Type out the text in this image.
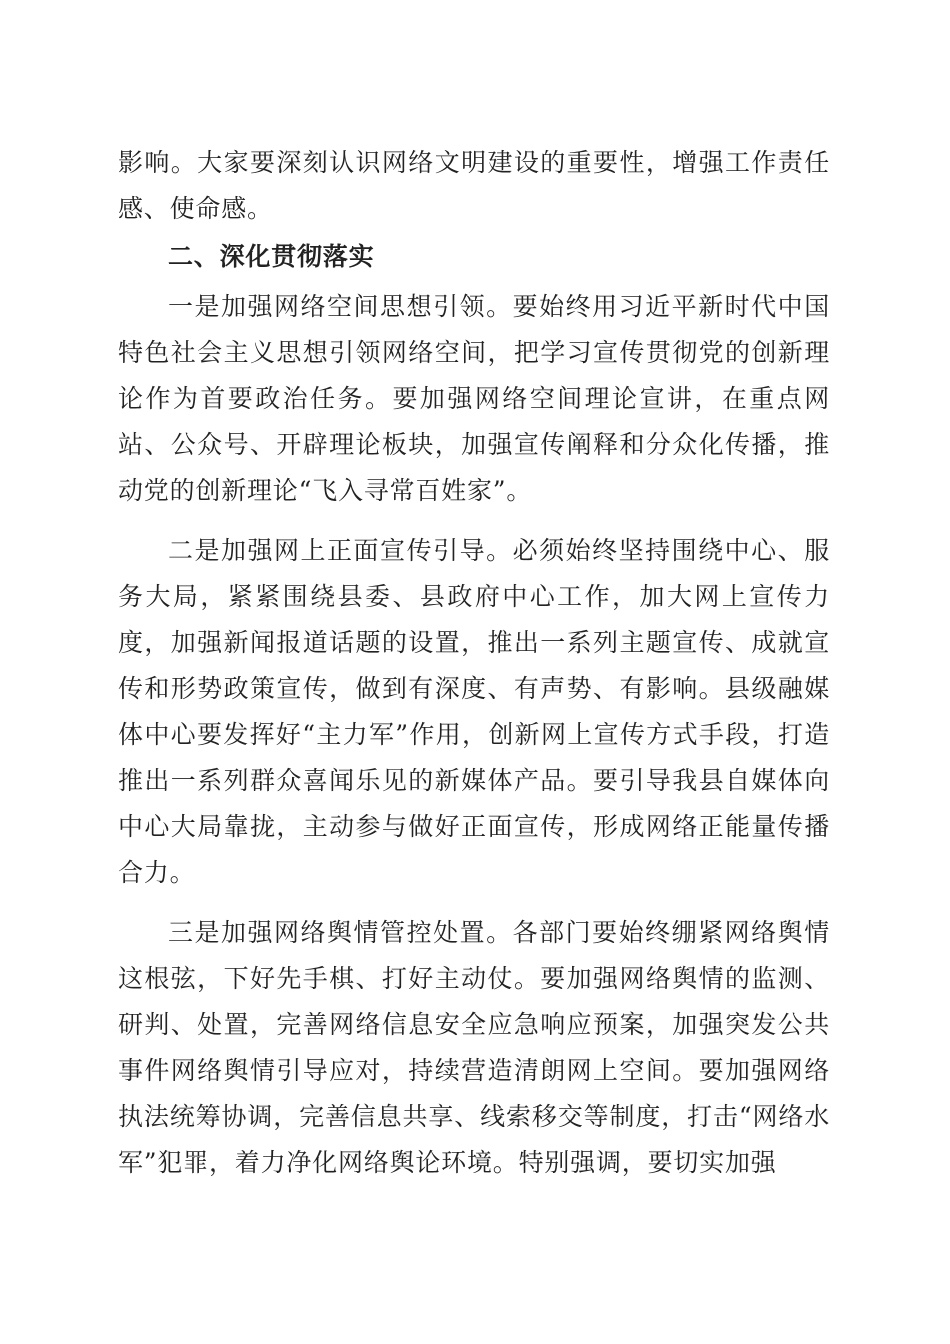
影响。大家要深刻认识网络文明建设的重要性，增强工作责任感、使命感。

二、深化贯彻落实

一是加强网络空间思想引领。要始终用习近平新时代中国特色社会主义思想引领网络空间，把学习宣传贯彻党的创新理论作为首要政治任务。要加强网络空间理论宣讲，在重点网站、公众号、开辟理论板块，加强宣传阐释和分众化传播，推动党的创新理论“飞入寻常百姓家”。

二是加强网上正面宣传引导。必须始终坚持围绕中心、服务大局，紧紧围绕县委、县政府中心工作，加大网上宣传力度，加强新闻报道话题的设置，推出一系列主题宣传、成就宣传和形势政策宣传，做到有深度、有声势、有影响。县级融媒体中心要发挥好“主力军”作用，创新网上宣传方式手段，打造推出一系列群众喜闻乐见的新媒体产品。要引导我县自媒体向中心大局靠拢，主动参与做好正面宣传，形成网络正能量传播合力。

三是加强网络舆情管控处置。各部门要始终绷紧网络舆情这根弦，下好先手棋、打好主动仗。要加强网络舆情的监测、研判、处置，完善网络信息安全应急响应预案，加强突发公共事件网络舆情引导应对，持续营造清朗网上空间。要加强网络执法统筹协调，完善信息共享、线索移交等制度，打击“网络水军”犯罪，着力净化网络舆论环境。特别强调，要切实加强
